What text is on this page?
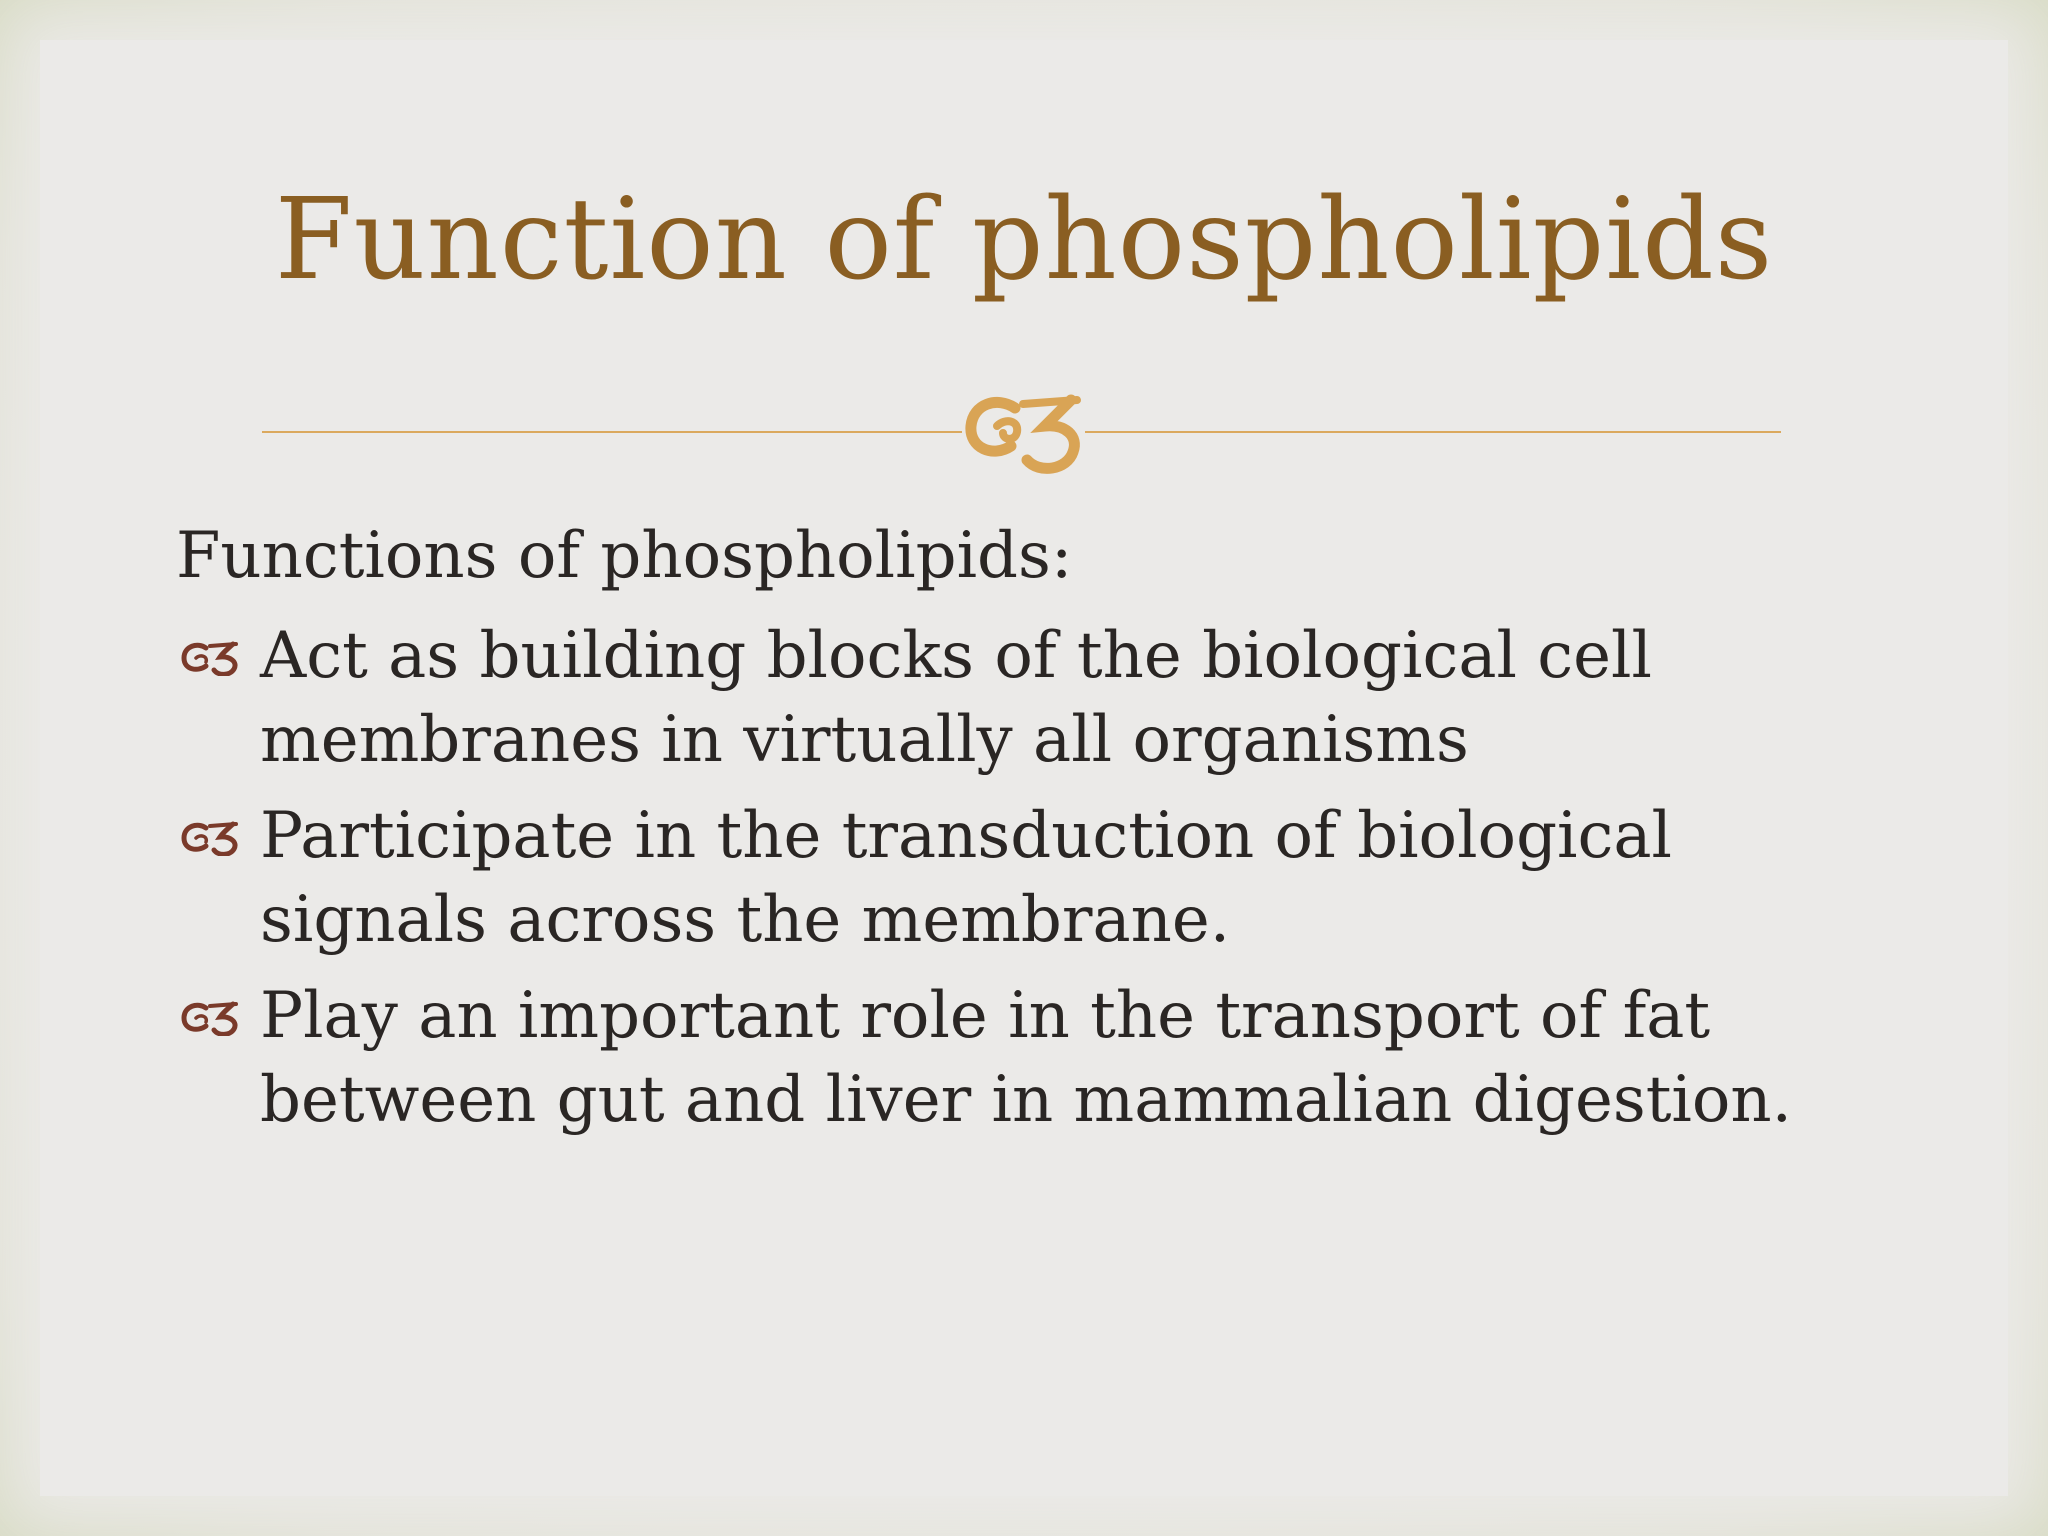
Function of phospholipids
Functions of phospholipids:
Act as building blocks of the biological cell membranes in virtually all organisms
Participate in the transduction of biological signals across the membrane.
Play an important role in the transport of fat between gut and liver in mammalian digestion.
